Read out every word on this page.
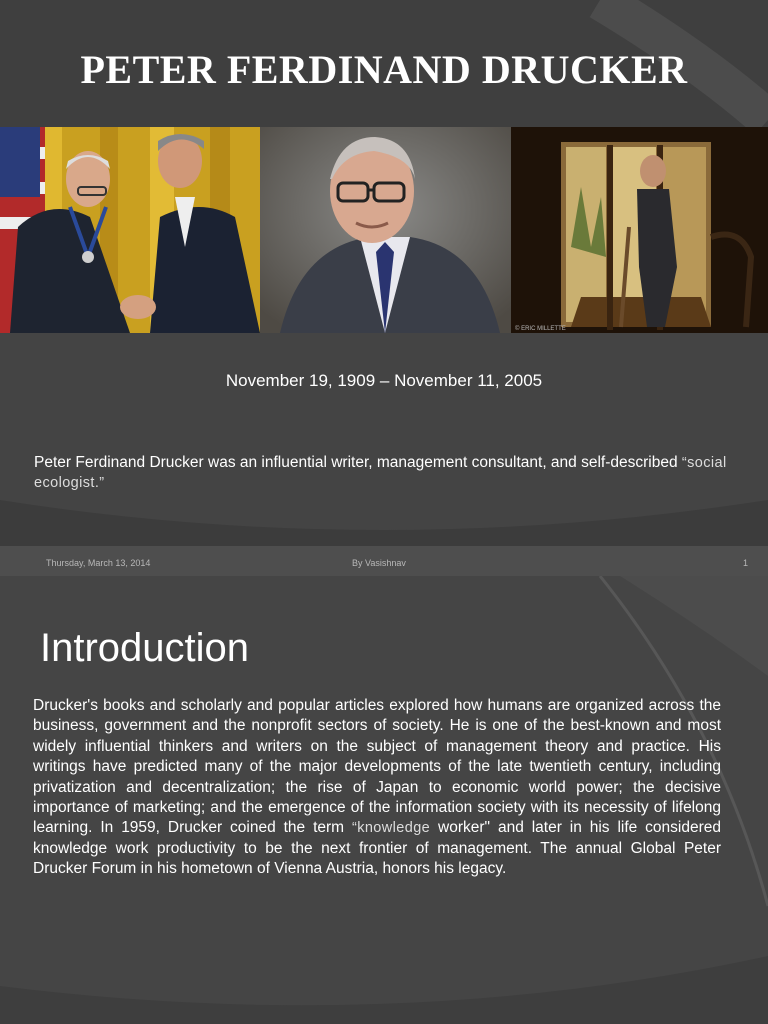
PETER FERDINAND DRUCKER
© ERIC MILLETTE
November 19, 1909 – November 11, 2005
Peter Ferdinand Drucker was an influential writer, management consultant, and self-described “social ecologist.”
Thursday, March 13, 2014	By Vasishnav	1
Introduction

Drucker's books and scholarly and popular articles explored how humans are organized across the business, government and the nonprofit sectors of society. He is one of the best-known and most widely influential thinkers and writers on the subject of management theory and practice. His writings have predicted many of the major developments of the late twentieth century, including privatization and decentralization; the rise of Japan to economic world power; the decisive importance of marketing; and the emergence of the information society with its necessity of lifelong learning. In 1959, Drucker coined the term “knowledge worker" and later in his life considered knowledge work productivity to be the next frontier of management. The annual Global Peter Drucker Forum in his hometown of Vienna Austria, honors his legacy.
